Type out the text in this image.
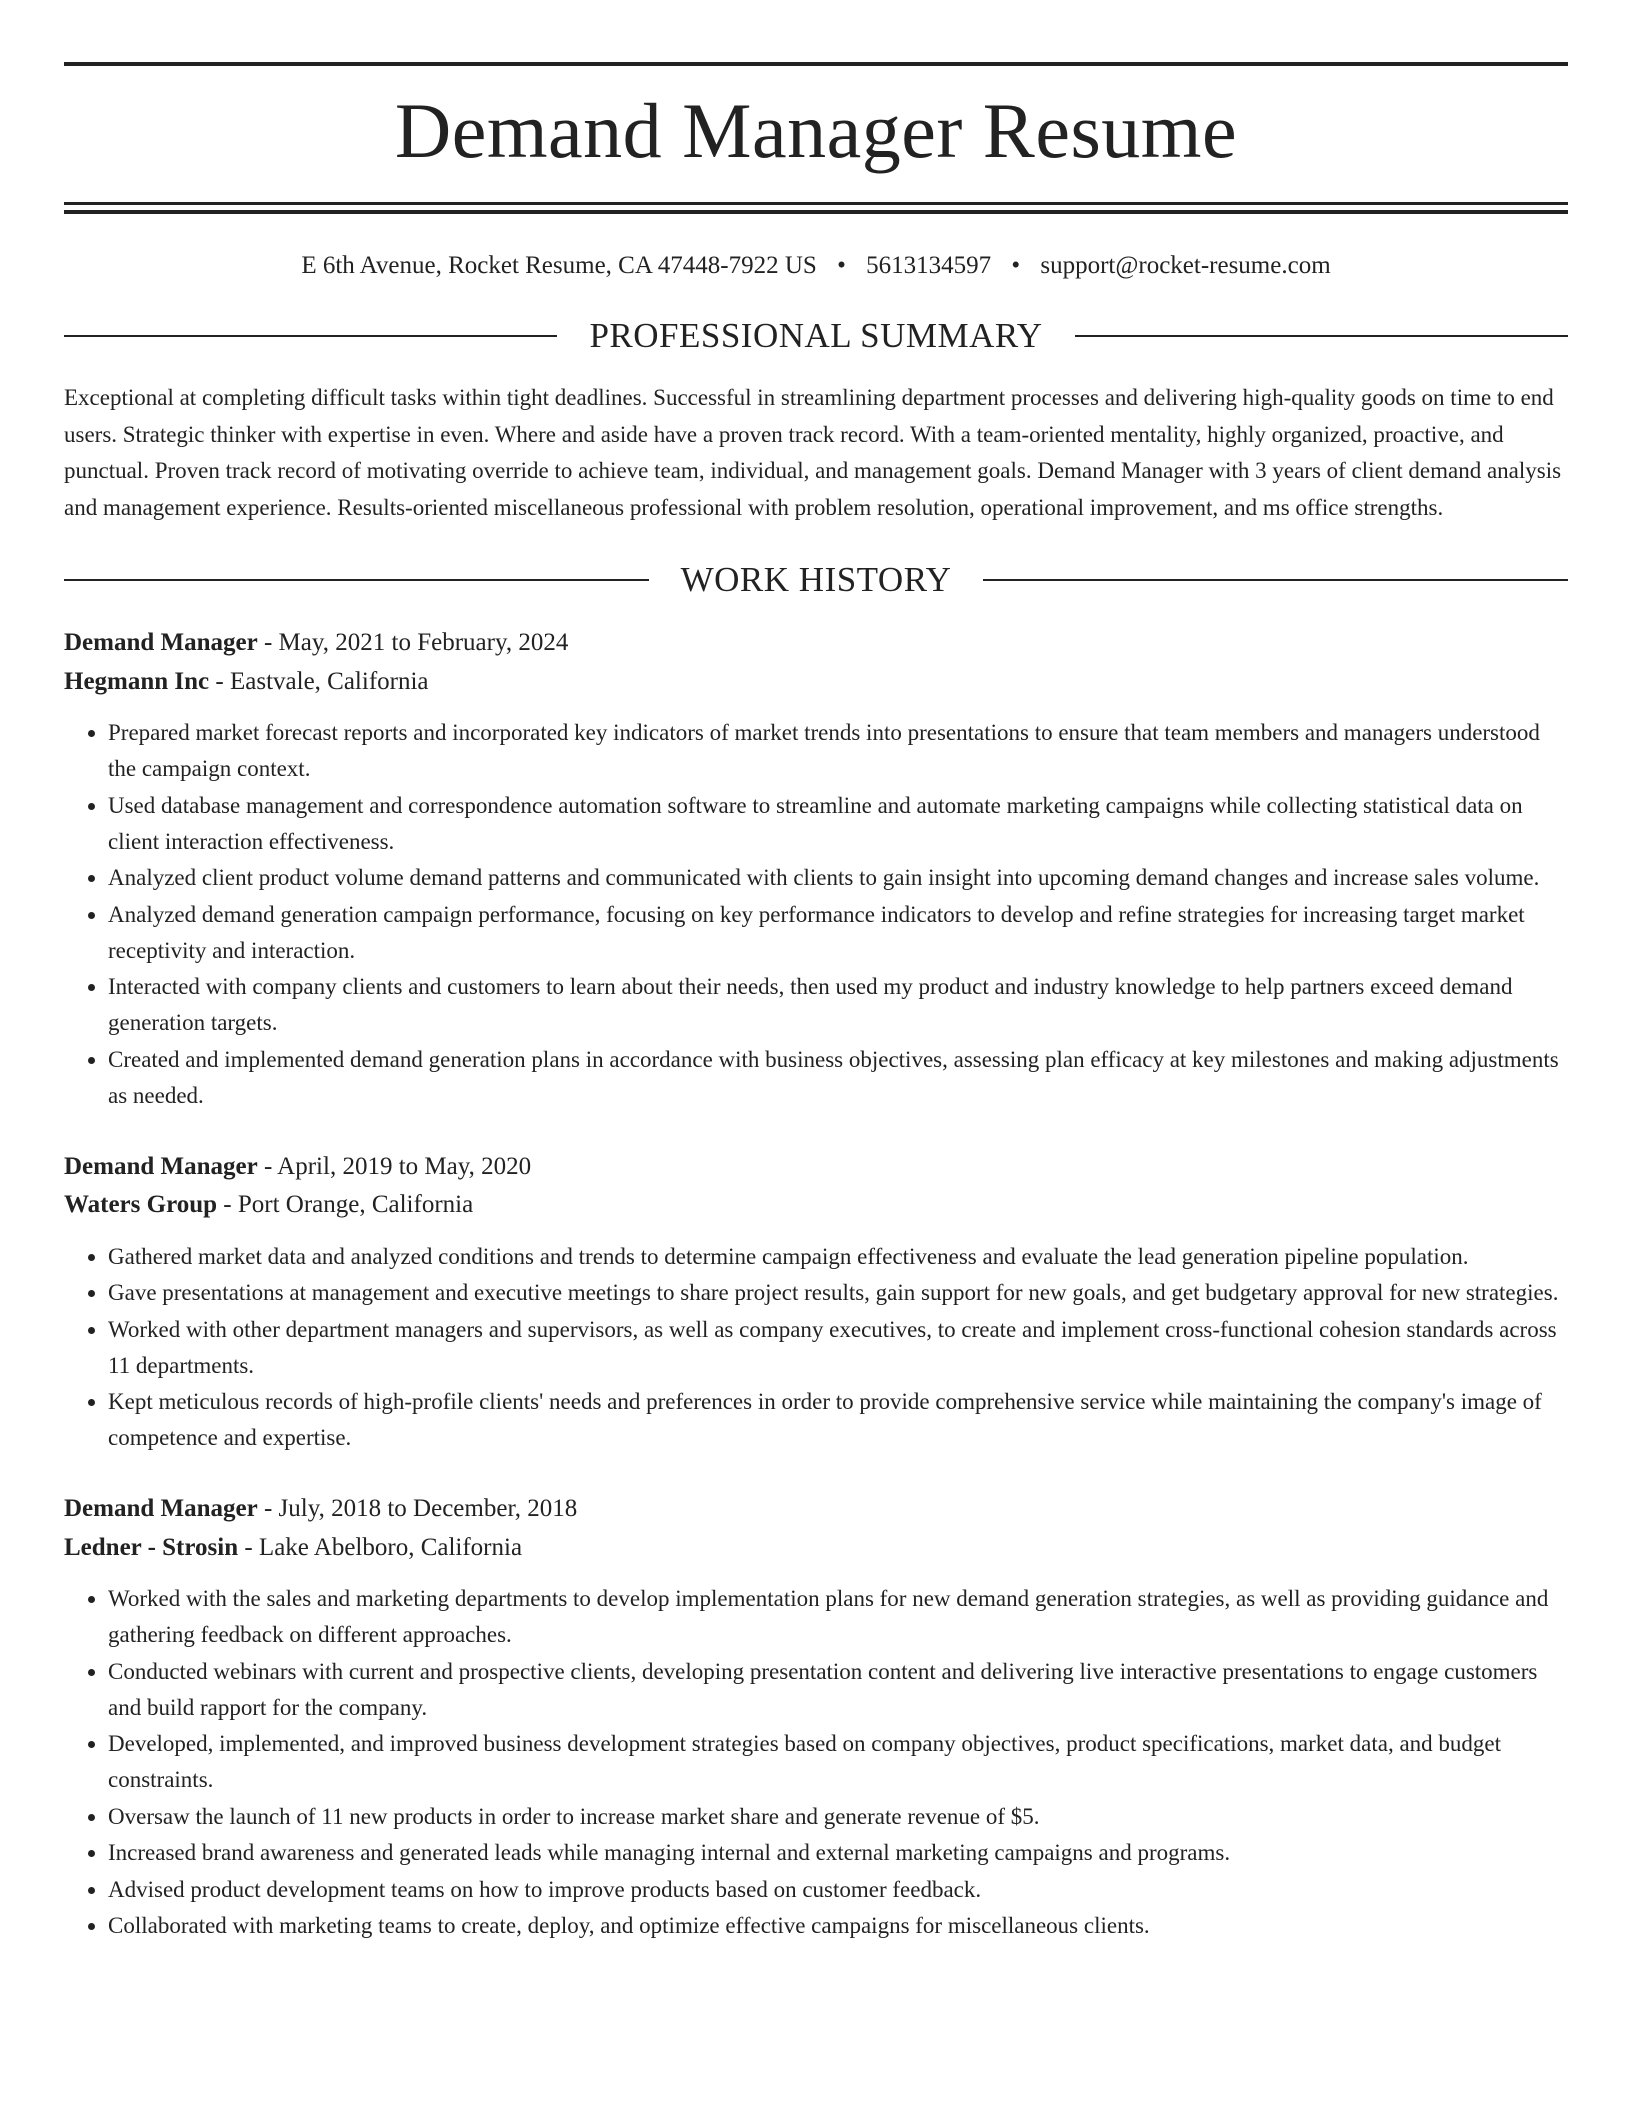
Demand Manager Resume
E 6th Avenue, Rocket Resume, CA 47448-7922 US • 5613134597 • support@rocket-resume.com
PROFESSIONAL SUMMARY

Exceptional at completing difficult tasks within tight deadlines. Successful in streamlining department processes and delivering high-quality goods on time to end users. Strategic thinker with expertise in even. Where and aside have a proven track record. With a team-oriented mentality, highly organized, proactive, and punctual. Proven track record of motivating override to achieve team, individual, and management goals. Demand Manager with 3 years of client demand analysis and management experience. Results-oriented miscellaneous professional with problem resolution, operational improvement, and ms office strengths.

WORK HISTORY
Demand Manager - May, 2021 to February, 2024
Hegmann Inc - Eastvale, California
• Prepared market forecast reports and incorporated key indicators of market trends into presentations to ensure that team members and managers understood the campaign context.
• Used database management and correspondence automation software to streamline and automate marketing campaigns while collecting statistical data on client interaction effectiveness.
• Analyzed client product volume demand patterns and communicated with clients to gain insight into upcoming demand changes and increase sales volume.
• Analyzed demand generation campaign performance, focusing on key performance indicators to develop and refine strategies for increasing target market receptivity and interaction.
• Interacted with company clients and customers to learn about their needs, then used my product and industry knowledge to help partners exceed demand generation targets.
• Created and implemented demand generation plans in accordance with business objectives, assessing plan efficacy at key milestones and making adjustments as needed.
Demand Manager - April, 2019 to May, 2020
Waters Group - Port Orange, California
• Gathered market data and analyzed conditions and trends to determine campaign effectiveness and evaluate the lead generation pipeline population.
• Gave presentations at management and executive meetings to share project results, gain support for new goals, and get budgetary approval for new strategies.
• Worked with other department managers and supervisors, as well as company executives, to create and implement cross-functional cohesion standards across 11 departments.
• Kept meticulous records of high-profile clients' needs and preferences in order to provide comprehensive service while maintaining the company's image of competence and expertise.
Demand Manager - July, 2018 to December, 2018
Ledner - Strosin - Lake Abelboro, California
• Worked with the sales and marketing departments to develop implementation plans for new demand generation strategies, as well as providing guidance and gathering feedback on different approaches.
• Conducted webinars with current and prospective clients, developing presentation content and delivering live interactive presentations to engage customers and build rapport for the company.
• Developed, implemented, and improved business development strategies based on company objectives, product specifications, market data, and budget constraints.
• Oversaw the launch of 11 new products in order to increase market share and generate revenue of $5.
• Increased brand awareness and generated leads while managing internal and external marketing campaigns and programs.
• Advised product development teams on how to improve products based on customer feedback.
• Collaborated with marketing teams to create, deploy, and optimize effective campaigns for miscellaneous clients.
